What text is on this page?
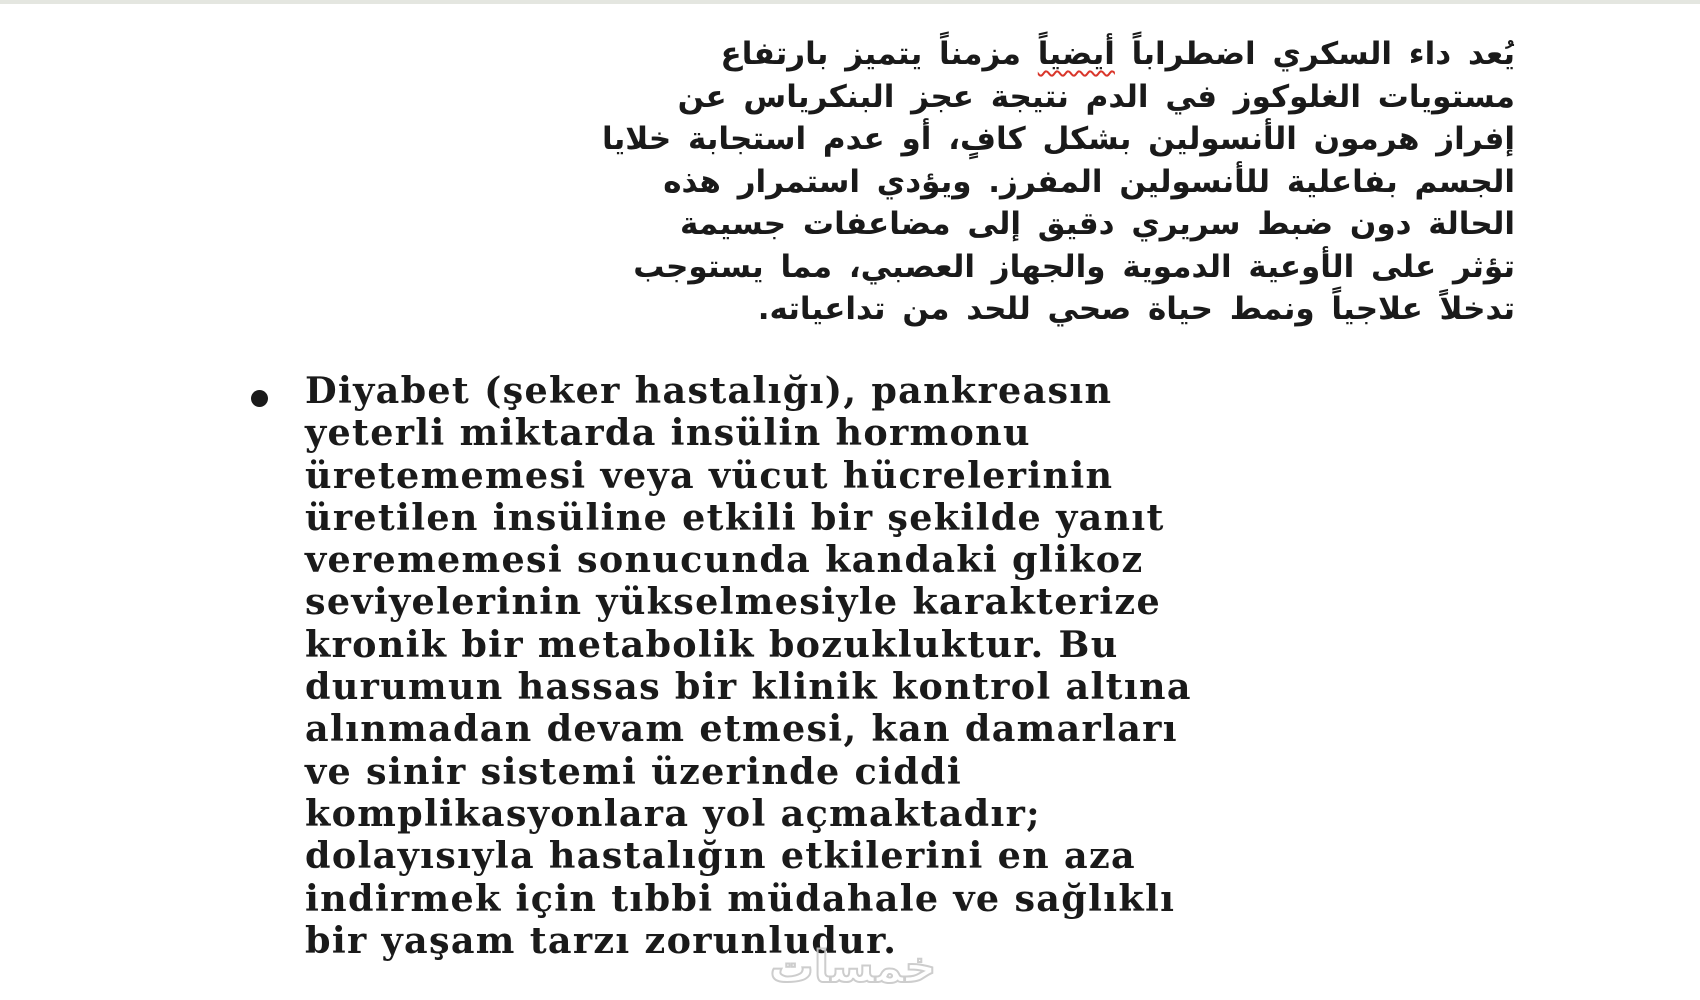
يُعد داء السكري اضطراباً أيضياً مزمناً يتميز بارتفاع
مستويات الغلوكوز في الدم نتيجة عجز البنكرياس عن
إفراز هرمون الأنسولين بشكل كافٍ، أو عدم استجابة خلايا
الجسم بفاعلية للأنسولين المفرز. ويؤدي استمرار هذه
الحالة دون ضبط سريري دقيق إلى مضاعفات جسيمة
تؤثر على الأوعية الدموية والجهاز العصبي، مما يستوجب
تدخلاً علاجياً ونمط حياة صحي للحد من تداعياته.
Diyabet (şeker hastalığı), pankreasın
yeterli miktarda insülin hormonu
üretememesi veya vücut hücrelerinin
üretilen insüline etkili bir şekilde yanıt
verememesi sonucunda kandaki glikoz
seviyelerinin yükselmesiyle karakterize
kronik bir metabolik bozukluktur. Bu
durumun hassas bir klinik kontrol altına
alınmadan devam etmesi, kan damarları
ve sinir sistemi üzerinde ciddi
komplikasyonlara yol açmaktadır;
dolayısıyla hastalığın etkilerini en aza
indirmek için tıbbi müdahale ve sağlıklı
bir yaşam tarzı zorunludur.
خمسات
